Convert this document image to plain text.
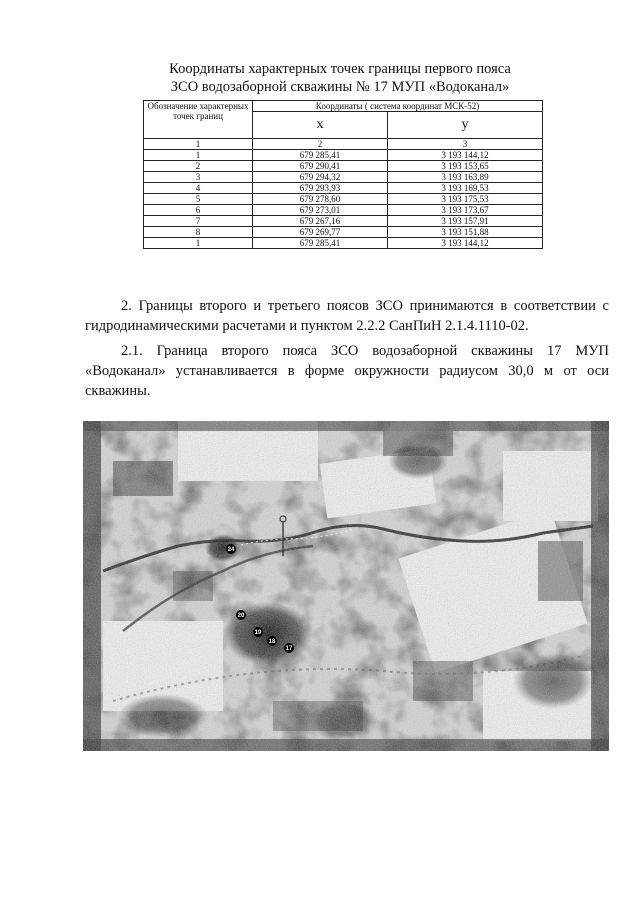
Координаты характерных точек границы первого пояса
ЗСО водозаборной скважины № 17 МУП «Водоканал»
Обозначение характерных точек границ	Координаты ( система координат МСК-52)	
	x	y
1	2	3
1	679 285,41	3 193 144,12
2	679 290,41	3 193 153,65
3	679 294,32	3 193 163,89
4	679 293,93	3 193 169,53
5	679 278,60	3 193 175,53
6	679 273,01	3 193 173,67
7	679 267,16	3 193 157,91
8	679 269,77	3 193 151,88
1	679 285,41	3 193 144,12
2. Границы второго и третьего поясов ЗСО принимаются в соответствии с гидродинамическими расчетами и пунктом 2.2.2 СанПиН 2.1.4.1110-02.
2.1. Граница второго пояса ЗСО водозаборной скважины 17 МУП «Водоканал» устанавливается в форме окружности радиусом 30,0 м от оси скважины.
24
20
19
18
17
